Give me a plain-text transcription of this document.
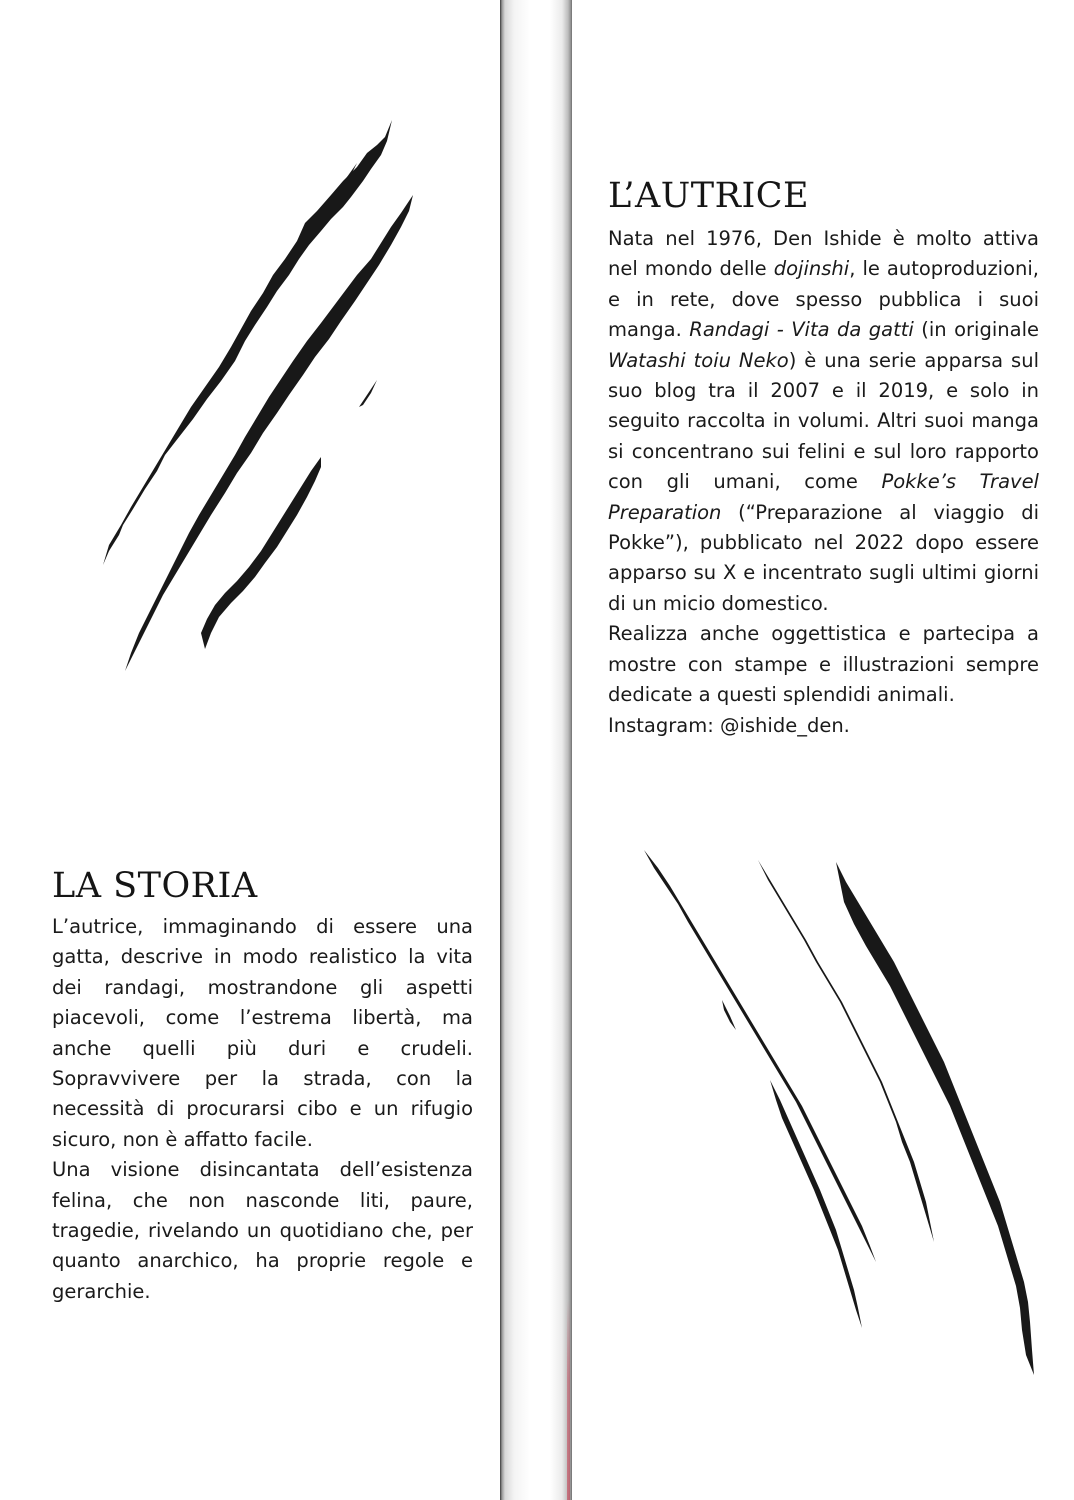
LA STORIA

L’autrice, immaginando di essere una gatta, descrive in modo realistico la vita dei randagi, mostrandone gli aspetti piacevoli, come l’estrema libertà, ma anche quelli più duri e crudeli. Sopravvivere per la strada, con la necessità di procurarsi cibo e un rifugio sicuro, non è affatto facile.

Una visione disincantata dell’esistenza felina, che non nasconde liti, paure, tragedie, rivelando un quotidiano che, per quanto anarchico, ha proprie regole e gerarchie.

L’AUTRICE

Nata nel 1976, Den Ishide è molto attiva nel mondo delle dojinshi, le autoproduzioni, e in rete, dove spesso pubblica i suoi manga. Randagi - Vita da gatti (in originale Watashi toiu Neko) è una serie apparsa sul suo blog tra il 2007 e il 2019, e solo in seguito raccolta in volumi. Altri suoi manga si concentrano sui felini e sul loro rapporto con gli umani, come Pokke’s Travel Preparation (“Preparazione al viaggio di Pokke”), pubblicato nel 2022 dopo essere apparso su X e incentrato sugli ultimi giorni di un micio domestico.

Realizza anche oggettistica e partecipa a mostre con stampe e illustrazioni sempre dedicate a questi splendidi animali.

Instagram: @ishide_den.
